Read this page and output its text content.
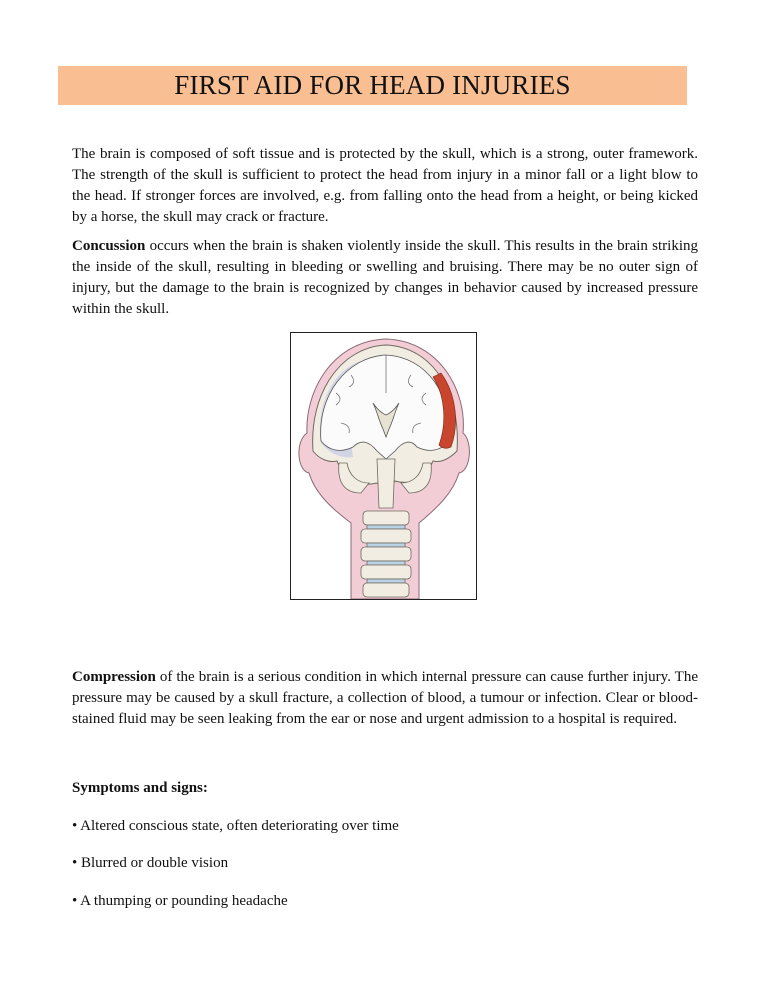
FIRST AID FOR HEAD INJURIES

The brain is composed of soft tissue and is protected by the skull, which is a strong, outer framework. The strength of the skull is sufficient to protect the head from injury in a minor fall or a light blow to the head. If stronger forces are involved, e.g. from falling onto the head from a height, or being kicked by a horse, the skull may crack or fracture.

Concussion occurs when the brain is shaken violently inside the skull. This results in the brain striking the inside of the skull, resulting in bleeding or swelling and bruising. There may be no outer sign of injury, but the damage to the brain is recognized by changes in behavior caused by increased pressure within the skull.

Compression of the brain is a serious condition in which internal pressure can cause further injury. The pressure may be caused by a skull fracture, a collection of blood, a tumour or infection. Clear or blood-stained fluid may be seen leaking from the ear or nose and urgent admission to a hospital is required.

Symptoms and signs:

• Altered conscious state, often deteriorating over time

• Blurred or double vision

• A thumping or pounding headache
